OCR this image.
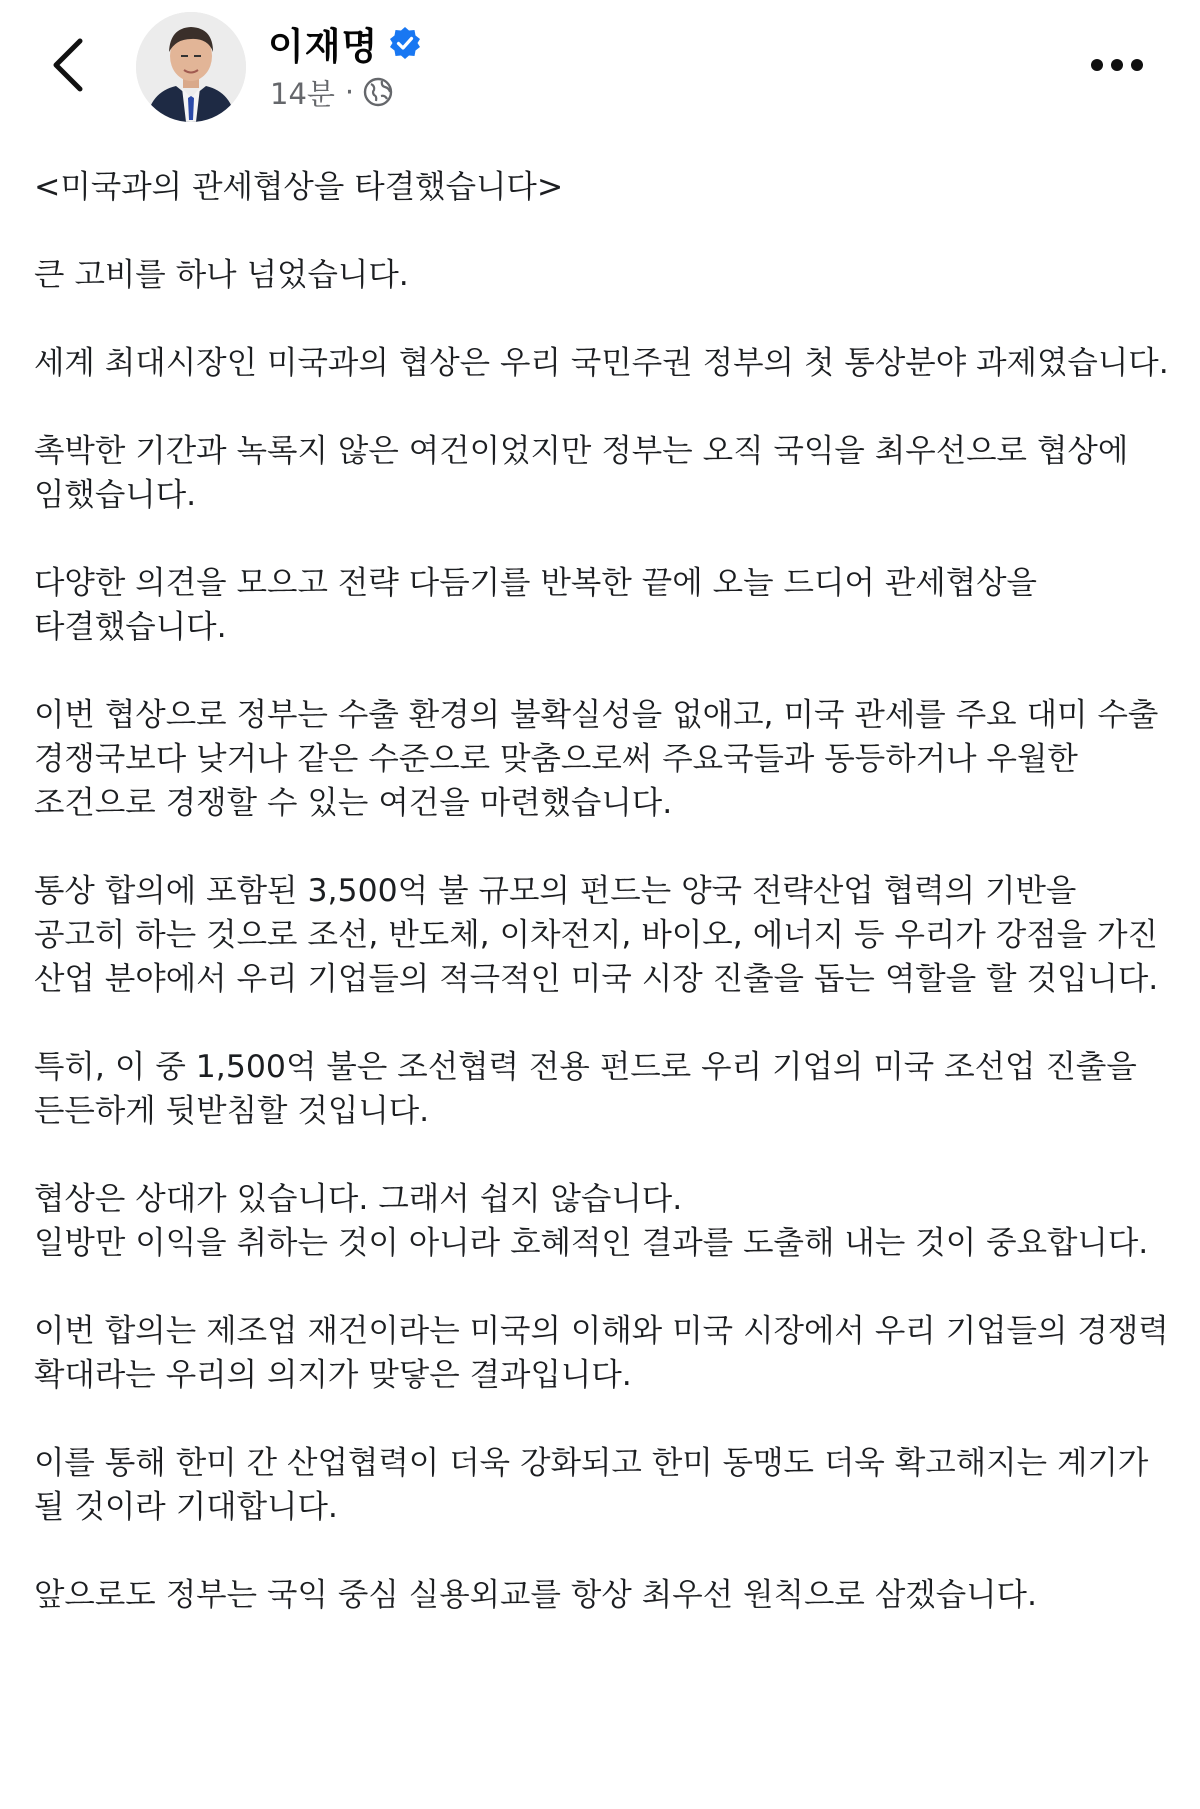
이재명
14분 ·

<미국과의 관세협상을 타결했습니다>

큰 고비를 하나 넘었습니다.

세계 최대시장인 미국과의 협상은 우리 국민주권 정부의 첫 통상분야 과제였습니다.

촉박한 기간과 녹록지 않은 여건이었지만 정부는 오직 국익을 최우선으로 협상에 임했습니다.

다양한 의견을 모으고 전략 다듬기를 반복한 끝에 오늘 드디어 관세협상을 타결했습니다.

이번 협상으로 정부는 수출 환경의 불확실성을 없애고, 미국 관세를 주요 대미 수출 경쟁국보다 낮거나 같은 수준으로 맞춤으로써 주요국들과 동등하거나 우월한 조건으로 경쟁할 수 있는 여건을 마련했습니다.

통상 합의에 포함된 3,500억 불 규모의 펀드는 양국 전략산업 협력의 기반을 공고히 하는 것으로 조선, 반도체, 이차전지, 바이오, 에너지 등 우리가 강점을 가진 산업 분야에서 우리 기업들의 적극적인 미국 시장 진출을 돕는 역할을 할 것입니다.

특히, 이 중 1,500억 불은 조선협력 전용 펀드로 우리 기업의 미국 조선업 진출을 든든하게 뒷받침할 것입니다.

협상은 상대가 있습니다. 그래서 쉽지 않습니다.
일방만 이익을 취하는 것이 아니라 호혜적인 결과를 도출해 내는 것이 중요합니다.

이번 합의는 제조업 재건이라는 미국의 이해와 미국 시장에서 우리 기업들의 경쟁력 확대라는 우리의 의지가 맞닿은 결과입니다.

이를 통해 한미 간 산업협력이 더욱 강화되고 한미 동맹도 더욱 확고해지는 계기가 될 것이라 기대합니다.

앞으로도 정부는 국익 중심 실용외교를 항상 최우선 원칙으로 삼겠습니다.
